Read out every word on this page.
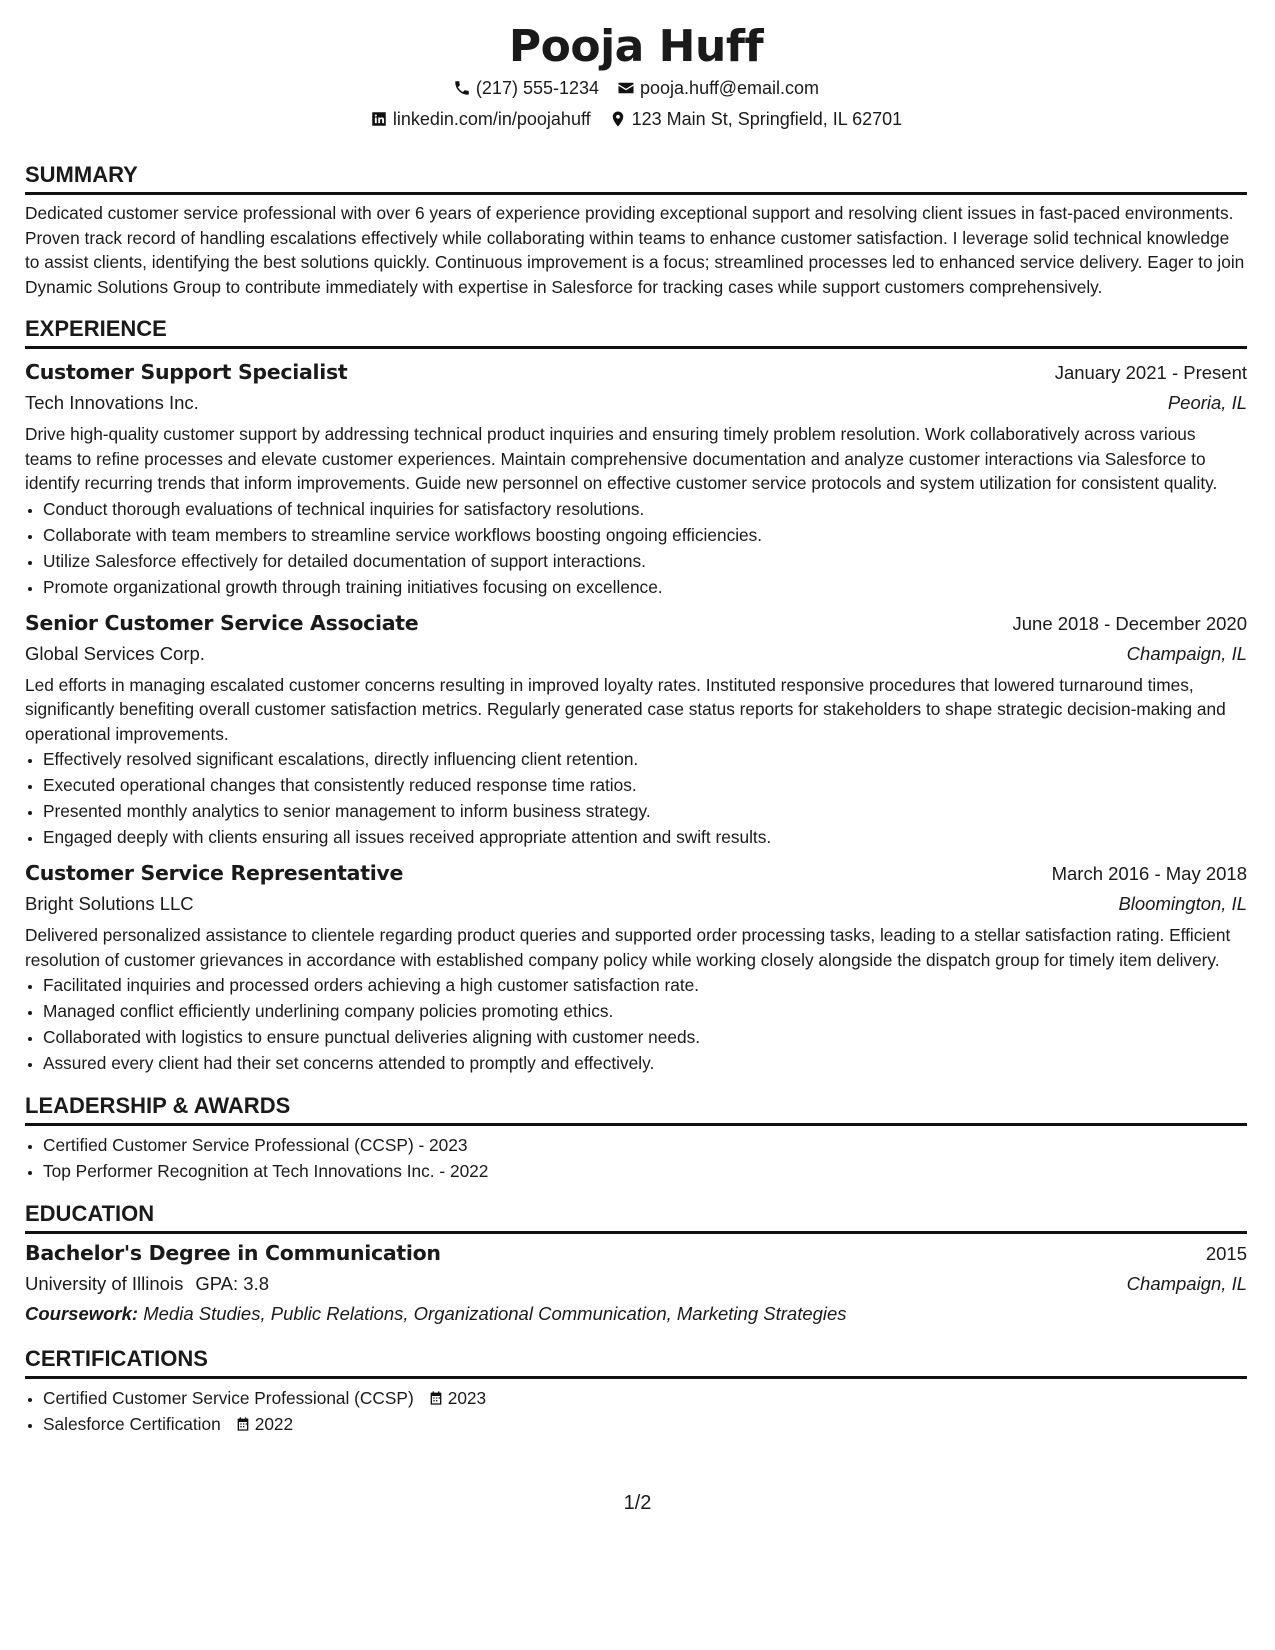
Pooja Huff
(217) 555-1234 pooja.huff@email.com
linkedin.com/in/poojahuff 123 Main St, Springfield, IL 62701
SUMMARY

Dedicated customer service professional with over 6 years of experience providing exceptional support and resolving client issues in fast-paced environments. Proven track record of handling escalations effectively while collaborating within teams to enhance customer satisfaction. I leverage solid technical knowledge to assist clients, identifying the best solutions quickly. Continuous improvement is a focus; streamlined processes led to enhanced service delivery. Eager to join Dynamic Solutions Group to contribute immediately with expertise in Salesforce for tracking cases while support customers comprehensively.

EXPERIENCE
Customer Support Specialist	January 2021 - Present
Tech Innovations Inc.	Peoria, IL

Drive high-quality customer support by addressing technical product inquiries and ensuring timely problem resolution. Work collaboratively across various teams to refine processes and elevate customer experiences. Maintain comprehensive documentation and analyze customer interactions via Salesforce to identify recurring trends that inform improvements. Guide new personnel on effective customer service protocols and system utilization for consistent quality.

• Conduct thorough evaluations of technical inquiries for satisfactory resolutions.
• Collaborate with team members to streamline service workflows boosting ongoing efficiencies.
• Utilize Salesforce effectively for detailed documentation of support interactions.
• Promote organizational growth through training initiatives focusing on excellence.
Senior Customer Service Associate	June 2018 - December 2020
Global Services Corp.	Champaign, IL

Led efforts in managing escalated customer concerns resulting in improved loyalty rates. Instituted responsive procedures that lowered turnaround times, significantly benefiting overall customer satisfaction metrics. Regularly generated case status reports for stakeholders to shape strategic decision-making and operational improvements.

• Effectively resolved significant escalations, directly influencing client retention.
• Executed operational changes that consistently reduced response time ratios.
• Presented monthly analytics to senior management to inform business strategy.
• Engaged deeply with clients ensuring all issues received appropriate attention and swift results.
Customer Service Representative	March 2016 - May 2018
Bright Solutions LLC	Bloomington, IL

Delivered personalized assistance to clientele regarding product queries and supported order processing tasks, leading to a stellar satisfaction rating. Efficient resolution of customer grievances in accordance with established company policy while working closely alongside the dispatch group for timely item delivery.

• Facilitated inquiries and processed orders achieving a high customer satisfaction rate.
• Managed conflict efficiently underlining company policies promoting ethics.
• Collaborated with logistics to ensure punctual deliveries aligning with customer needs.
• Assured every client had their set concerns attended to promptly and effectively.
LEADERSHIP & AWARDS
• Certified Customer Service Professional (CCSP) - 2023
• Top Performer Recognition at Tech Innovations Inc. - 2022
EDUCATION
Bachelor's Degree in Communication	2015
University of Illinois GPA: 3.8	Champaign, IL
Coursework: Media Studies, Public Relations, Organizational Communication, Marketing Strategies
CERTIFICATIONS
• Certified Customer Service Professional (CCSP) 2023
• Salesforce Certification 2022
1/2
